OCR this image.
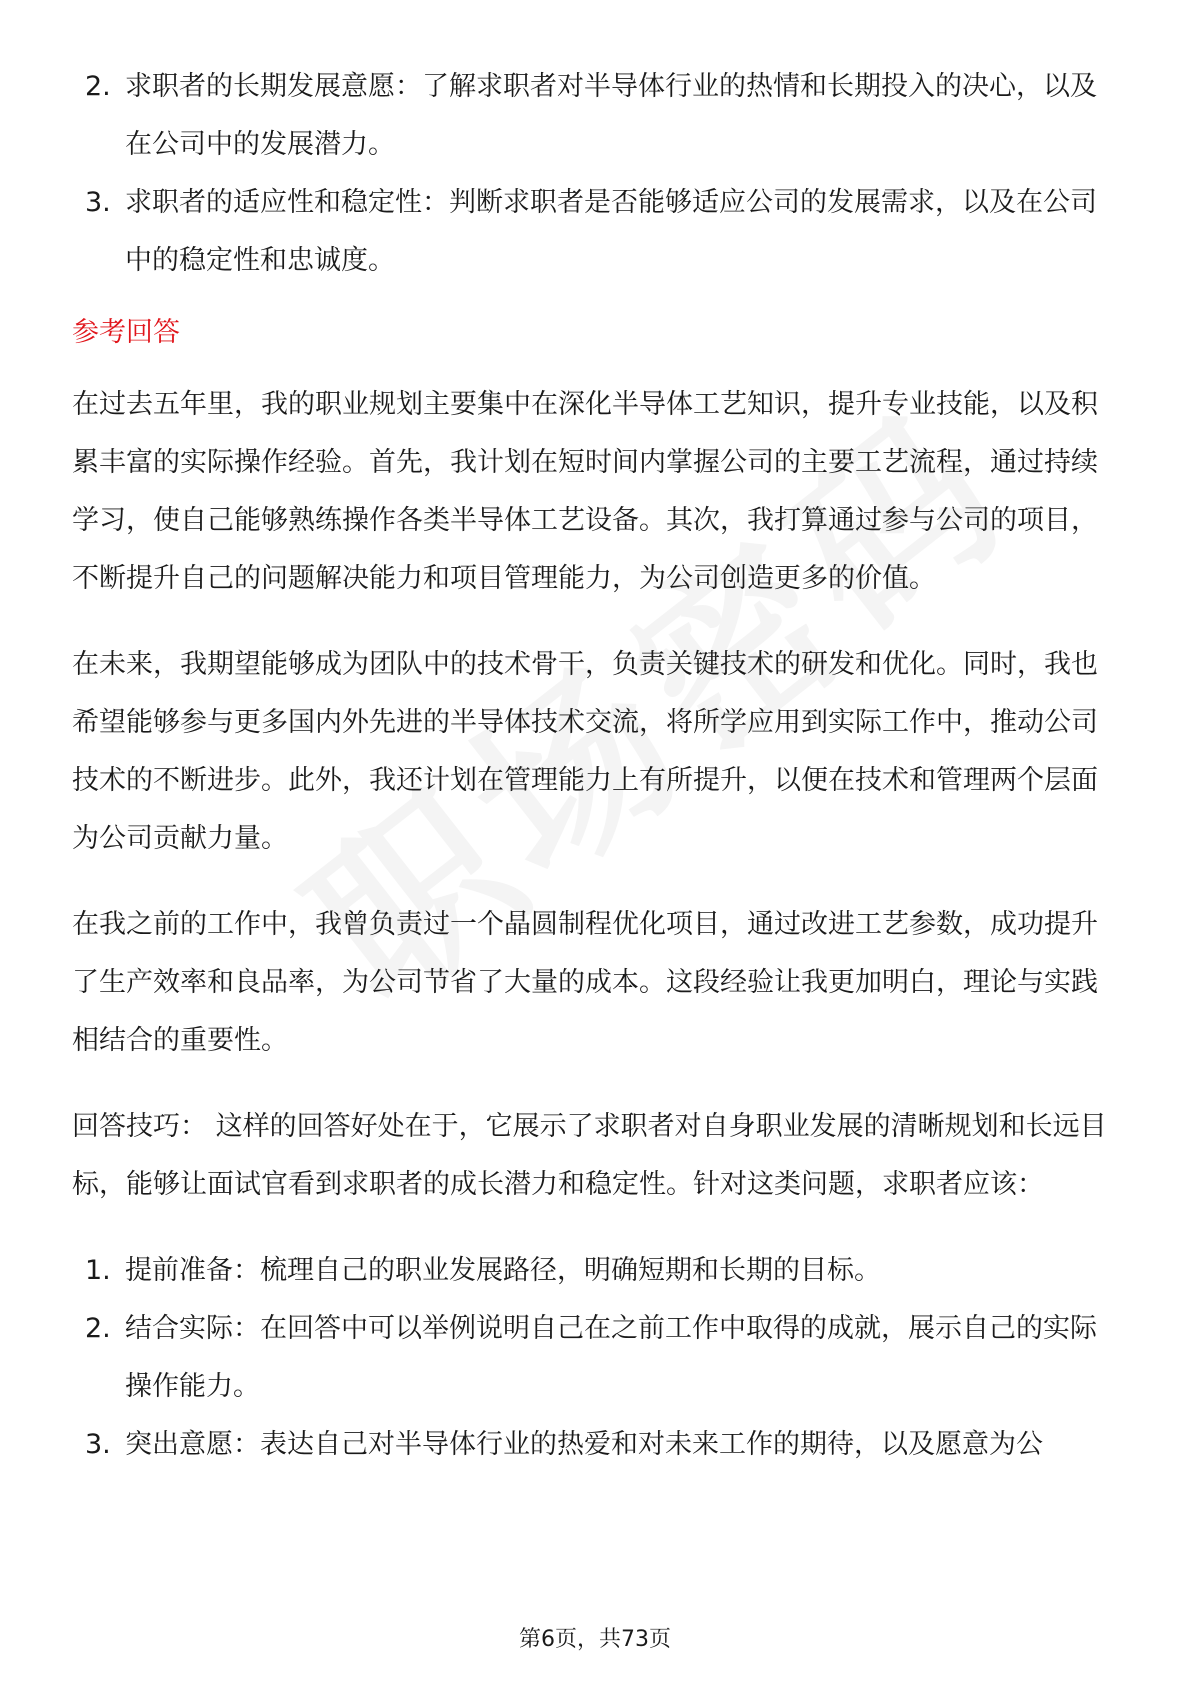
2. 求职者的长期发展意愿：了解求职者对半导体行业的热情和长期投入的决心，以及在公司中的发展潜力。
3. 求职者的适应性和稳定性：判断求职者是否能够适应公司的发展需求，以及在公司中的稳定性和忠诚度。
参考回答

在过去五年里，我的职业规划主要集中在深化半导体工艺知识，提升专业技能，以及积累丰富的实际操作经验。首先，我计划在短时间内掌握公司的主要工艺流程，通过持续学习，使自己能够熟练操作各类半导体工艺设备。其次，我打算通过参与公司的项目，不断提升自己的问题解决能力和项目管理能力，为公司创造更多的价值。

在未来，我期望能够成为团队中的技术骨干，负责关键技术的研发和优化。同时，我也希望能够参与更多国内外先进的半导体技术交流，将所学应用到实际工作中，推动公司技术的不断进步。此外，我还计划在管理能力上有所提升，以便在技术和管理两个层面为公司贡献力量。

在我之前的工作中，我曾负责过一个晶圆制程优化项目，通过改进工艺参数，成功提升了生产效率和良品率，为公司节省了大量的成本。这段经验让我更加明白，理论与实践相结合的重要性。

回答技巧： 这样的回答好处在于，它展示了求职者对自身职业发展的清晰规划和长远目标，能够让面试官看到求职者的成长潜力和稳定性。针对这类问题，求职者应该：

1. 提前准备：梳理自己的职业发展路径，明确短期和长期的目标。
2. 结合实际：在回答中可以举例说明自己在之前工作中取得的成就，展示自己的实际操作能力。
3. 突出意愿：表达自己对半导体行业的热爱和对未来工作的期待，以及愿意为公
第6页，共73页
